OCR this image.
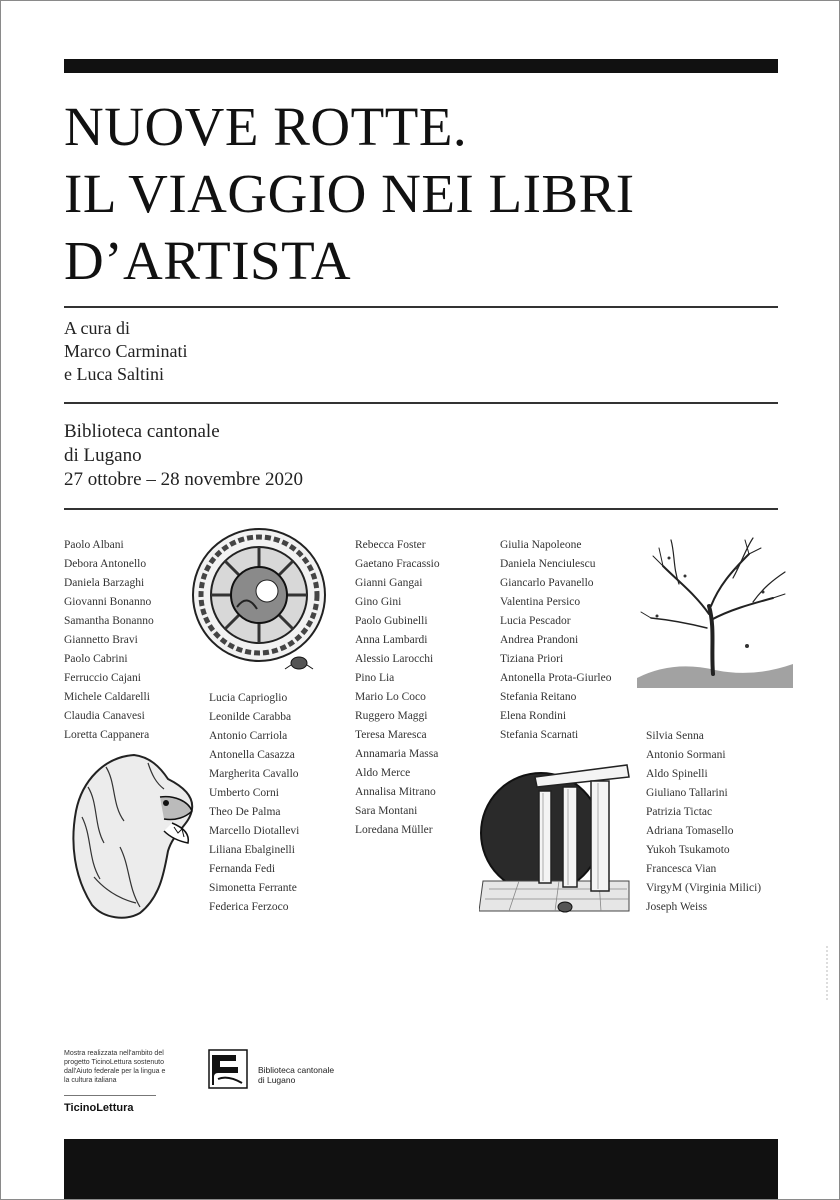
NUOVE ROTTE.
IL VIAGGIO NEI LIBRI
D’ARTISTA
A cura di
Marco Carminati
e Luca Saltini
Biblioteca cantonale
di Lugano
27 ottobre – 28 novembre 2020
Paolo Albani
Debora Antonello
Daniela Barzaghi
Giovanni Bonanno
Samantha Bonanno
Giannetto Bravi
Paolo Cabrini
Ferruccio Cajani
Michele Caldarelli
Claudia Canavesi
Loretta Cappanera
Lucia Caprioglio
Leonilde Carabba
Antonio Carriola
Antonella Casazza
Margherita Cavallo
Umberto Corni
Theo De Palma
Marcello Diotallevi
Liliana Ebalginelli
Fernanda Fedi
Simonetta Ferrante
Federica Ferzoco
Rebecca Foster
Gaetano Fracassio
Gianni Gangai
Gino Gini
Paolo Gubinelli
Anna Lambardi
Alessio Larocchi
Pino Lia
Mario Lo Coco
Ruggero Maggi
Teresa Maresca
Annamaria Massa
Aldo Merce
Annalisa Mitrano
Sara Montani
Loredana Müller
Giulia Napoleone
Daniela Nenciulescu
Giancarlo Pavanello
Valentina Persico
Lucia Pescador
Andrea Prandoni
Tiziana Priori
Antonella Prota-Giurleo
Stefania Reitano
Elena Rondini
Stefania Scarnati	Silvia Senna
Antonio Sormani
Aldo Spinelli
Giuliano Tallarini
Patrizia Tictac
Adriana Tomasello
Yukoh Tsukamoto
Francesca Vian
VirgyM (Virginia Milici)
Joseph Weiss
Mostra realizzata nell'ambito del
progetto TicinoLettura sostenuto
dall'Aiuto federale per la lingua e
la cultura italiana
TicinoLettura
Biblioteca cantonale
di Lugano
